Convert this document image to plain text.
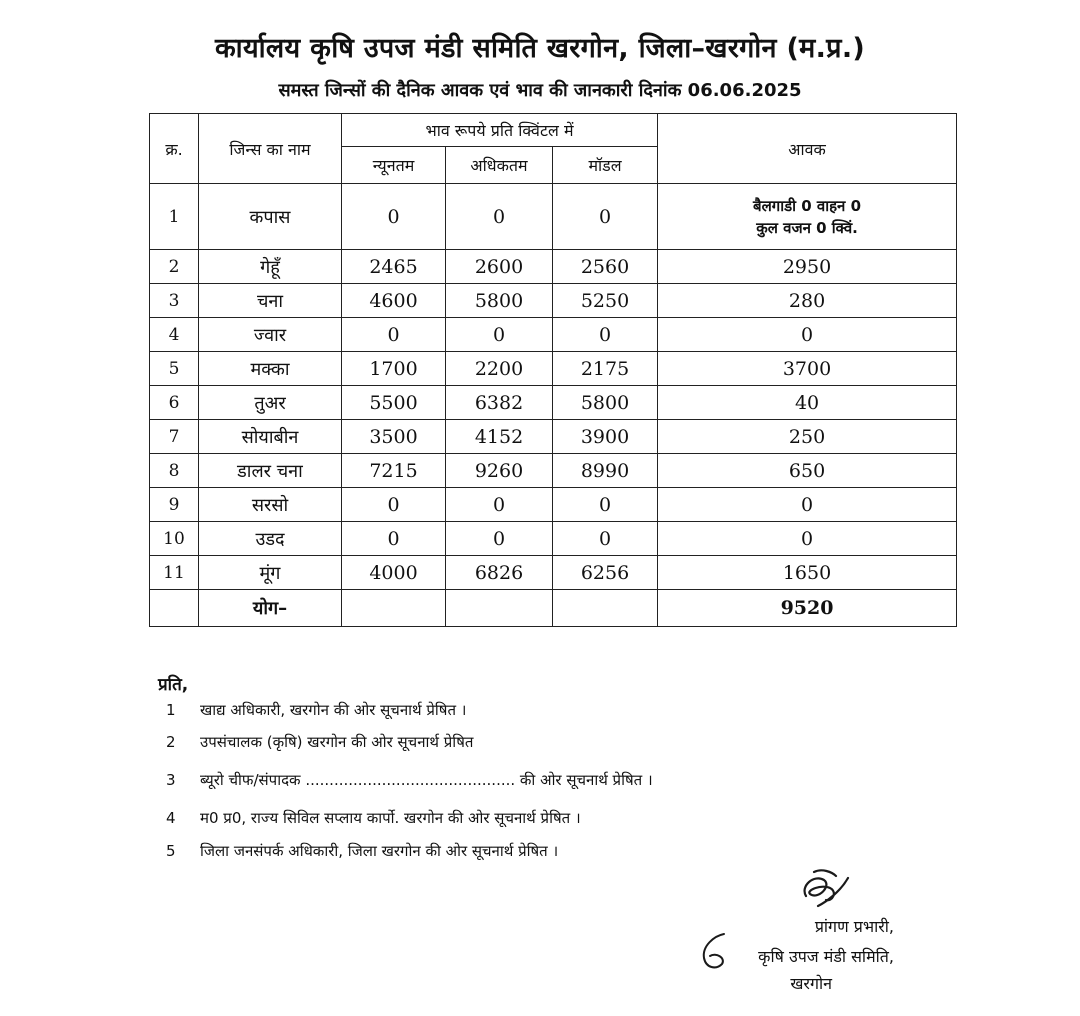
कार्यालय कृषि उपज मंडी समिति खरगोन, जिला–खरगोन (म.प्र.)
समस्त जिन्सों की दैनिक आवक एवं भाव की जानकारी दिनांक 06.06.2025
क्र.	जिन्स का नाम	भाव रूपये प्रति क्विंटल में			आवक
		न्यूनतम	अधिकतम	मॉडल	
1	कपास	0	0	0	बैलगाडी 0 वाहन 0
कुल वजन 0 क्विं.

2	गेहूँ	2465	2600	2560	2950
3	चना	4600	5800	5250	280
4	ज्वार	0	0	0	0
5	मक्का	1700	2200	2175	3700
6	तुअर	5500	6382	5800	40
7	सोयाबीन	3500	4152	3900	250
8	डालर चना	7215	9260	8990	650
9	सरसो	0	0	0	0
10	उडद	0	0	0	0
11	मूंग	4000	6826	6256	1650
	योग–				9520
प्रति,
1 खाद्य अधिकारी, खरगोन की ओर सूचनार्थ प्रेषित ।
2 उपसंचालक (कृषि) खरगोन की ओर सूचनार्थ प्रेषित
3 ब्यूरो चीफ/संपादक ............................................ की ओर सूचनार्थ प्रेषित ।
4 म0 प्र0, राज्य सिविल सप्लाय कार्पो. खरगोन की ओर सूचनार्थ प्रेषित ।
5 जिला जनसंपर्क अधिकारी, जिला खरगोन की ओर सूचनार्थ प्रेषित ।
प्रांगण प्रभारी,
कृषि उपज मंडी समिति,
खरगोन
